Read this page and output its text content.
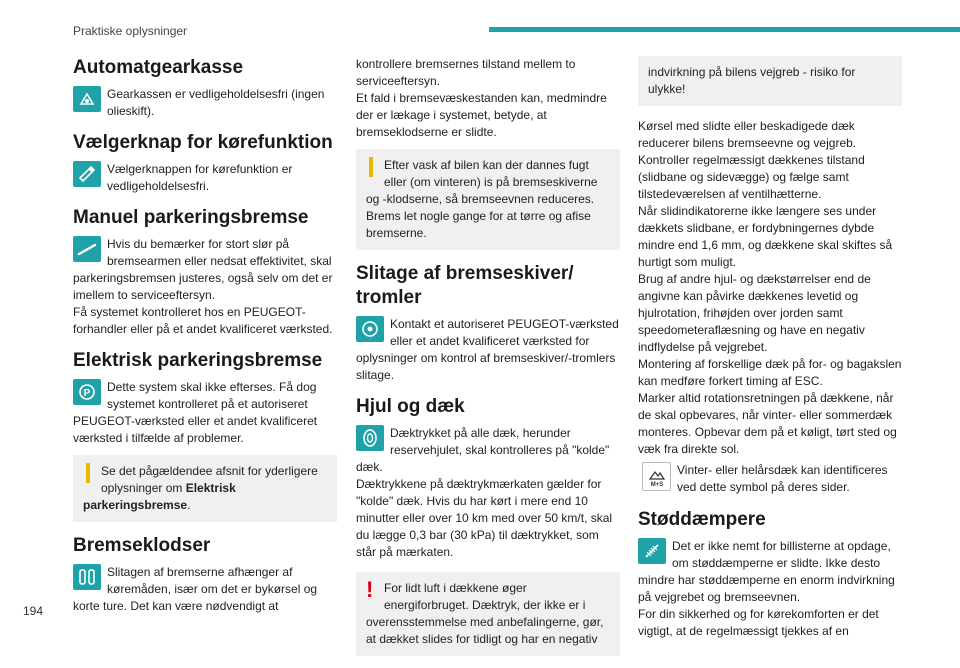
Praktiske oplysninger
Automatgearkasse
Gearkassen er vedligeholdelsesfri (ingen olieskift).
Vælgerknap for kørefunktion
Vælgerknappen for kørefunktion er vedligeholdelsesfri.
Manuel parkeringsbremse
Hvis du bemærker for stort slør på bremsearmen eller nedsat effektivitet, skal parkeringsbremsen justeres, også selv om det er imellem to serviceeftersyn.
Få systemet kontrolleret hos en PEUGEOT-forhandler eller på et andet kvalificeret værksted.
Elektrisk parkeringsbremse
P	Dette system skal ikke efterses. Få dog systemet kontrolleret på et autoriseret PEUGEOT-værksted eller et andet kvalificeret værksted i tilfælde af problemer.
Se det pågældendee afsnit for yderligere oplysninger om Elektrisk parkeringsbremse.
Bremseklodser
Slitagen af bremserne afhænger af køremåden, især om det er bykørsel og korte ture. Det kan være nødvendigt at
kontrollere bremsernes tilstand mellem to serviceeftersyn.
Et fald i bremsevæskestanden kan, medmindre der er lækage i systemet, betyde, at bremseklodserne er slidte.
Efter vask af bilen kan der dannes fugt eller (om vinteren) is på bremseskiverne og -klodserne, så bremseevnen reduceres. Brems let nogle gange for at tørre og afise bremserne.
Slitage af bremseskiver/ tromler
Kontakt et autoriseret PEUGEOT-værksted eller et andet kvalificeret værksted for oplysninger om kontrol af bremseskiver/-tromlers slitage.
Hjul og dæk
Dæktrykket på alle dæk, herunder reservehjulet, skal kontrolleres på "kolde" dæk.
Dæktrykkene på dæktrykmærkaten gælder for "kolde" dæk. Hvis du har kørt i mere end 10 minutter eller over 10 km med over 50 km/t, skal du lægge 0,3 bar (30 kPa) til dæktrykket, som står på mærkaten.
! For lidt luft i dækkene øger energiforbruget. Dæktryk, der ikke er i overensstemmelse med anbefalingerne, gør, at dækket slides for tidligt og har en negativ
indvirkning på bilens vejgreb - risiko for ulykke!
Kørsel med slidte eller beskadigede dæk reducerer bilens bremseevne og vejgreb.
Kontroller regelmæssigt dækkenes tilstand (slidbane og sidevægge) og fælge samt tilstedeværelsen af ventilhætterne.
Når slidindikatorerne ikke længere ses under dækkets slidbane, er fordybningernes dybde mindre end 1,6 mm, og dækkene skal skiftes så hurtigt som muligt.
Brug af andre hjul- og dækstørrelser end de angivne kan påvirke dækkenes levetid og hjulrotation, frihøjden over jorden samt speedometeraflæsning og have en negativ indflydelse på vejgrebet.
Montering af forskellige dæk på for- og bagakslen kan medføre forkert timing af ESC.
Marker altid rotationsretningen på dækkene, når de skal opbevares, når vinter- eller sommerdæk monteres. Opbevar dem på et køligt, tørt sted og væk fra direkte sol.
M+S
Vinter- eller helårsdæk kan identificeres ved dette symbol på deres sider.
Støddæmpere
Det er ikke nemt for billisterne at opdage, om støddæmperne er slidte. Ikke desto mindre har støddæmperne en enorm indvirkning på vejgrebet og bremseevnen.
For din sikkerhed og for kørekomforten er det vigtigt, at de regelmæssigt tjekkes af en
194
